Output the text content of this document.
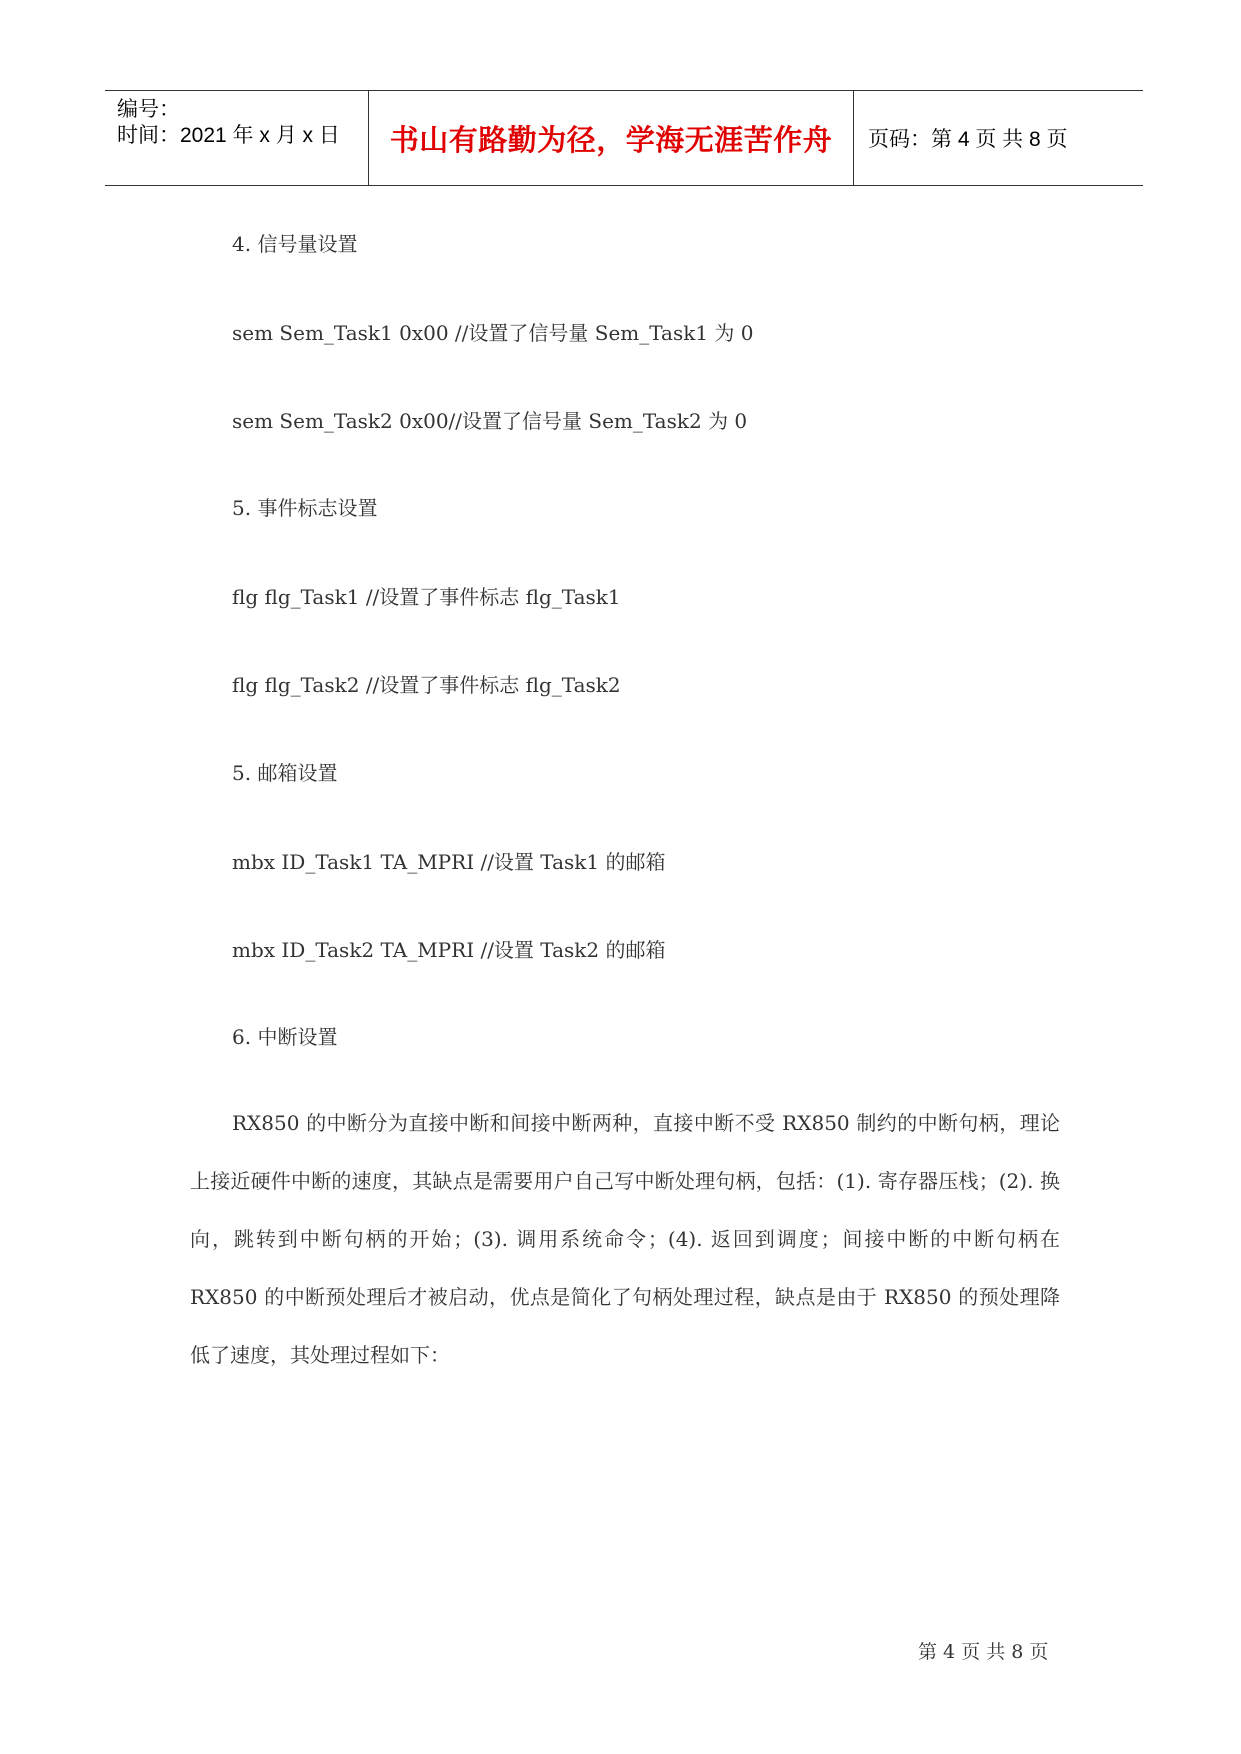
编号：
时间：2021 年 x 月 x 日 书山有路勤为径，学海无涯苦作舟	页码：第 4 页 共 8 页
4. 信号量设置
sem Sem_Task1 0x00 //设置了信号量 Sem_Task1 为 0
sem Sem_Task2 0x00//设置了信号量 Sem_Task2 为 0
5. 事件标志设置
flg flg_Task1 //设置了事件标志 flg_Task1
flg flg_Task2 //设置了事件标志 flg_Task2
5. 邮箱设置
mbx ID_Task1 TA_MPRI //设置 Task1 的邮箱
mbx ID_Task2 TA_MPRI //设置 Task2 的邮箱
6. 中断设置
RX850 的中断分为直接中断和间接中断两种，直接中断不受 RX850 制约的中断句柄，理论上接近硬件中断的速度，其缺点是需要用户自己写中断处理句柄，包括：(1). 寄存器压栈；(2). 换向，跳转到中断句柄的开始；(3). 调用系统命令；(4). 返回到调度；间接中断的中断句柄在 RX850 的中断预处理后才被启动，优点是简化了句柄处理过程，缺点是由于 RX850 的预处理降低了速度，其处理过程如下：
第 4 页 共 8 页
